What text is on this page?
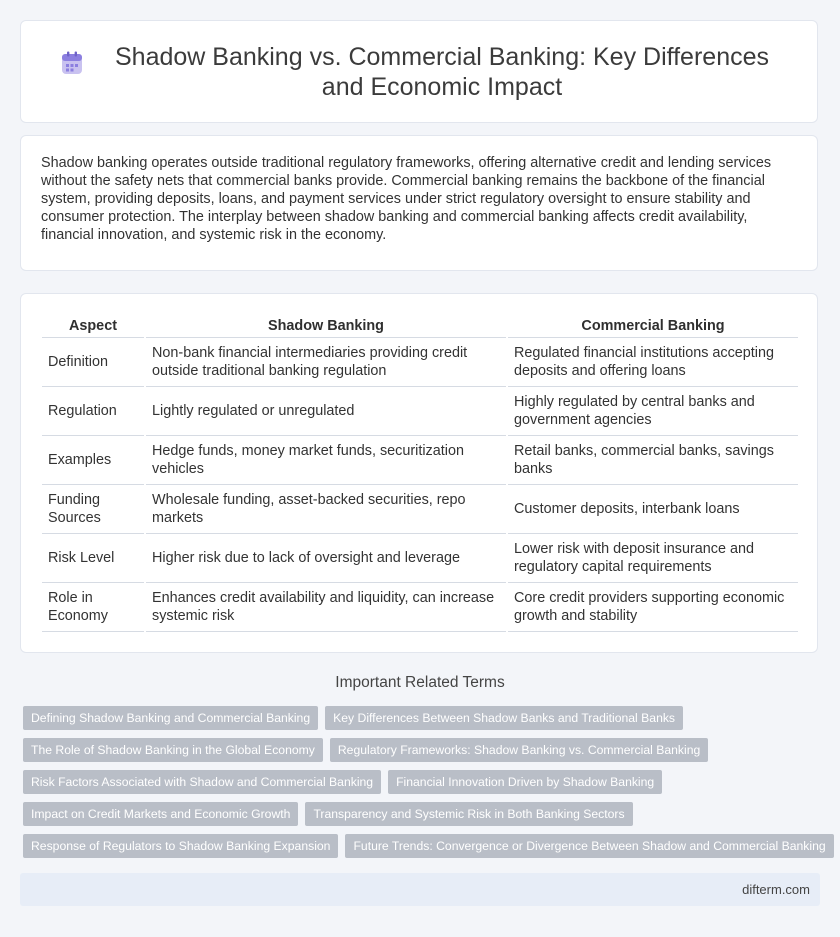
Shadow Banking vs. Commercial Banking: Key Differences and Economic Impact

Shadow banking operates outside traditional regulatory frameworks, offering alternative credit and lending services without the safety nets that commercial banks provide. Commercial banking remains the backbone of the financial system, providing deposits, loans, and payment services under strict regulatory oversight to ensure stability and consumer protection. The interplay between shadow banking and commercial banking affects credit availability, financial innovation, and systemic risk in the economy.

Aspect	Shadow Banking	Commercial Banking
Definition	Non-bank financial intermediaries providing credit outside traditional banking regulation	Regulated financial institutions accepting deposits and offering loans
Regulation	Lightly regulated or unregulated	Highly regulated by central banks and government agencies
Examples	Hedge funds, money market funds, securitization vehicles	Retail banks, commercial banks, savings banks
Funding Sources	Wholesale funding, asset-backed securities, repo markets	Customer deposits, interbank loans
Risk Level	Higher risk due to lack of oversight and leverage	Lower risk with deposit insurance and regulatory capital requirements
Role in Economy	Enhances credit availability and liquidity, can increase systemic risk	Core credit providers supporting economic growth and stability
Important Related Terms
Defining Shadow Banking and Commercial Banking	Key Differences Between Shadow Banks and Traditional Banks
The Role of Shadow Banking in the Global Economy	Regulatory Frameworks: Shadow Banking vs. Commercial Banking
Risk Factors Associated with Shadow and Commercial Banking	Financial Innovation Driven by Shadow Banking
Impact on Credit Markets and Economic Growth	Transparency and Systemic Risk in Both Banking Sectors
Response of Regulators to Shadow Banking Expansion	Future Trends: Convergence or Divergence Between Shadow and Commercial Banking
difterm.com
